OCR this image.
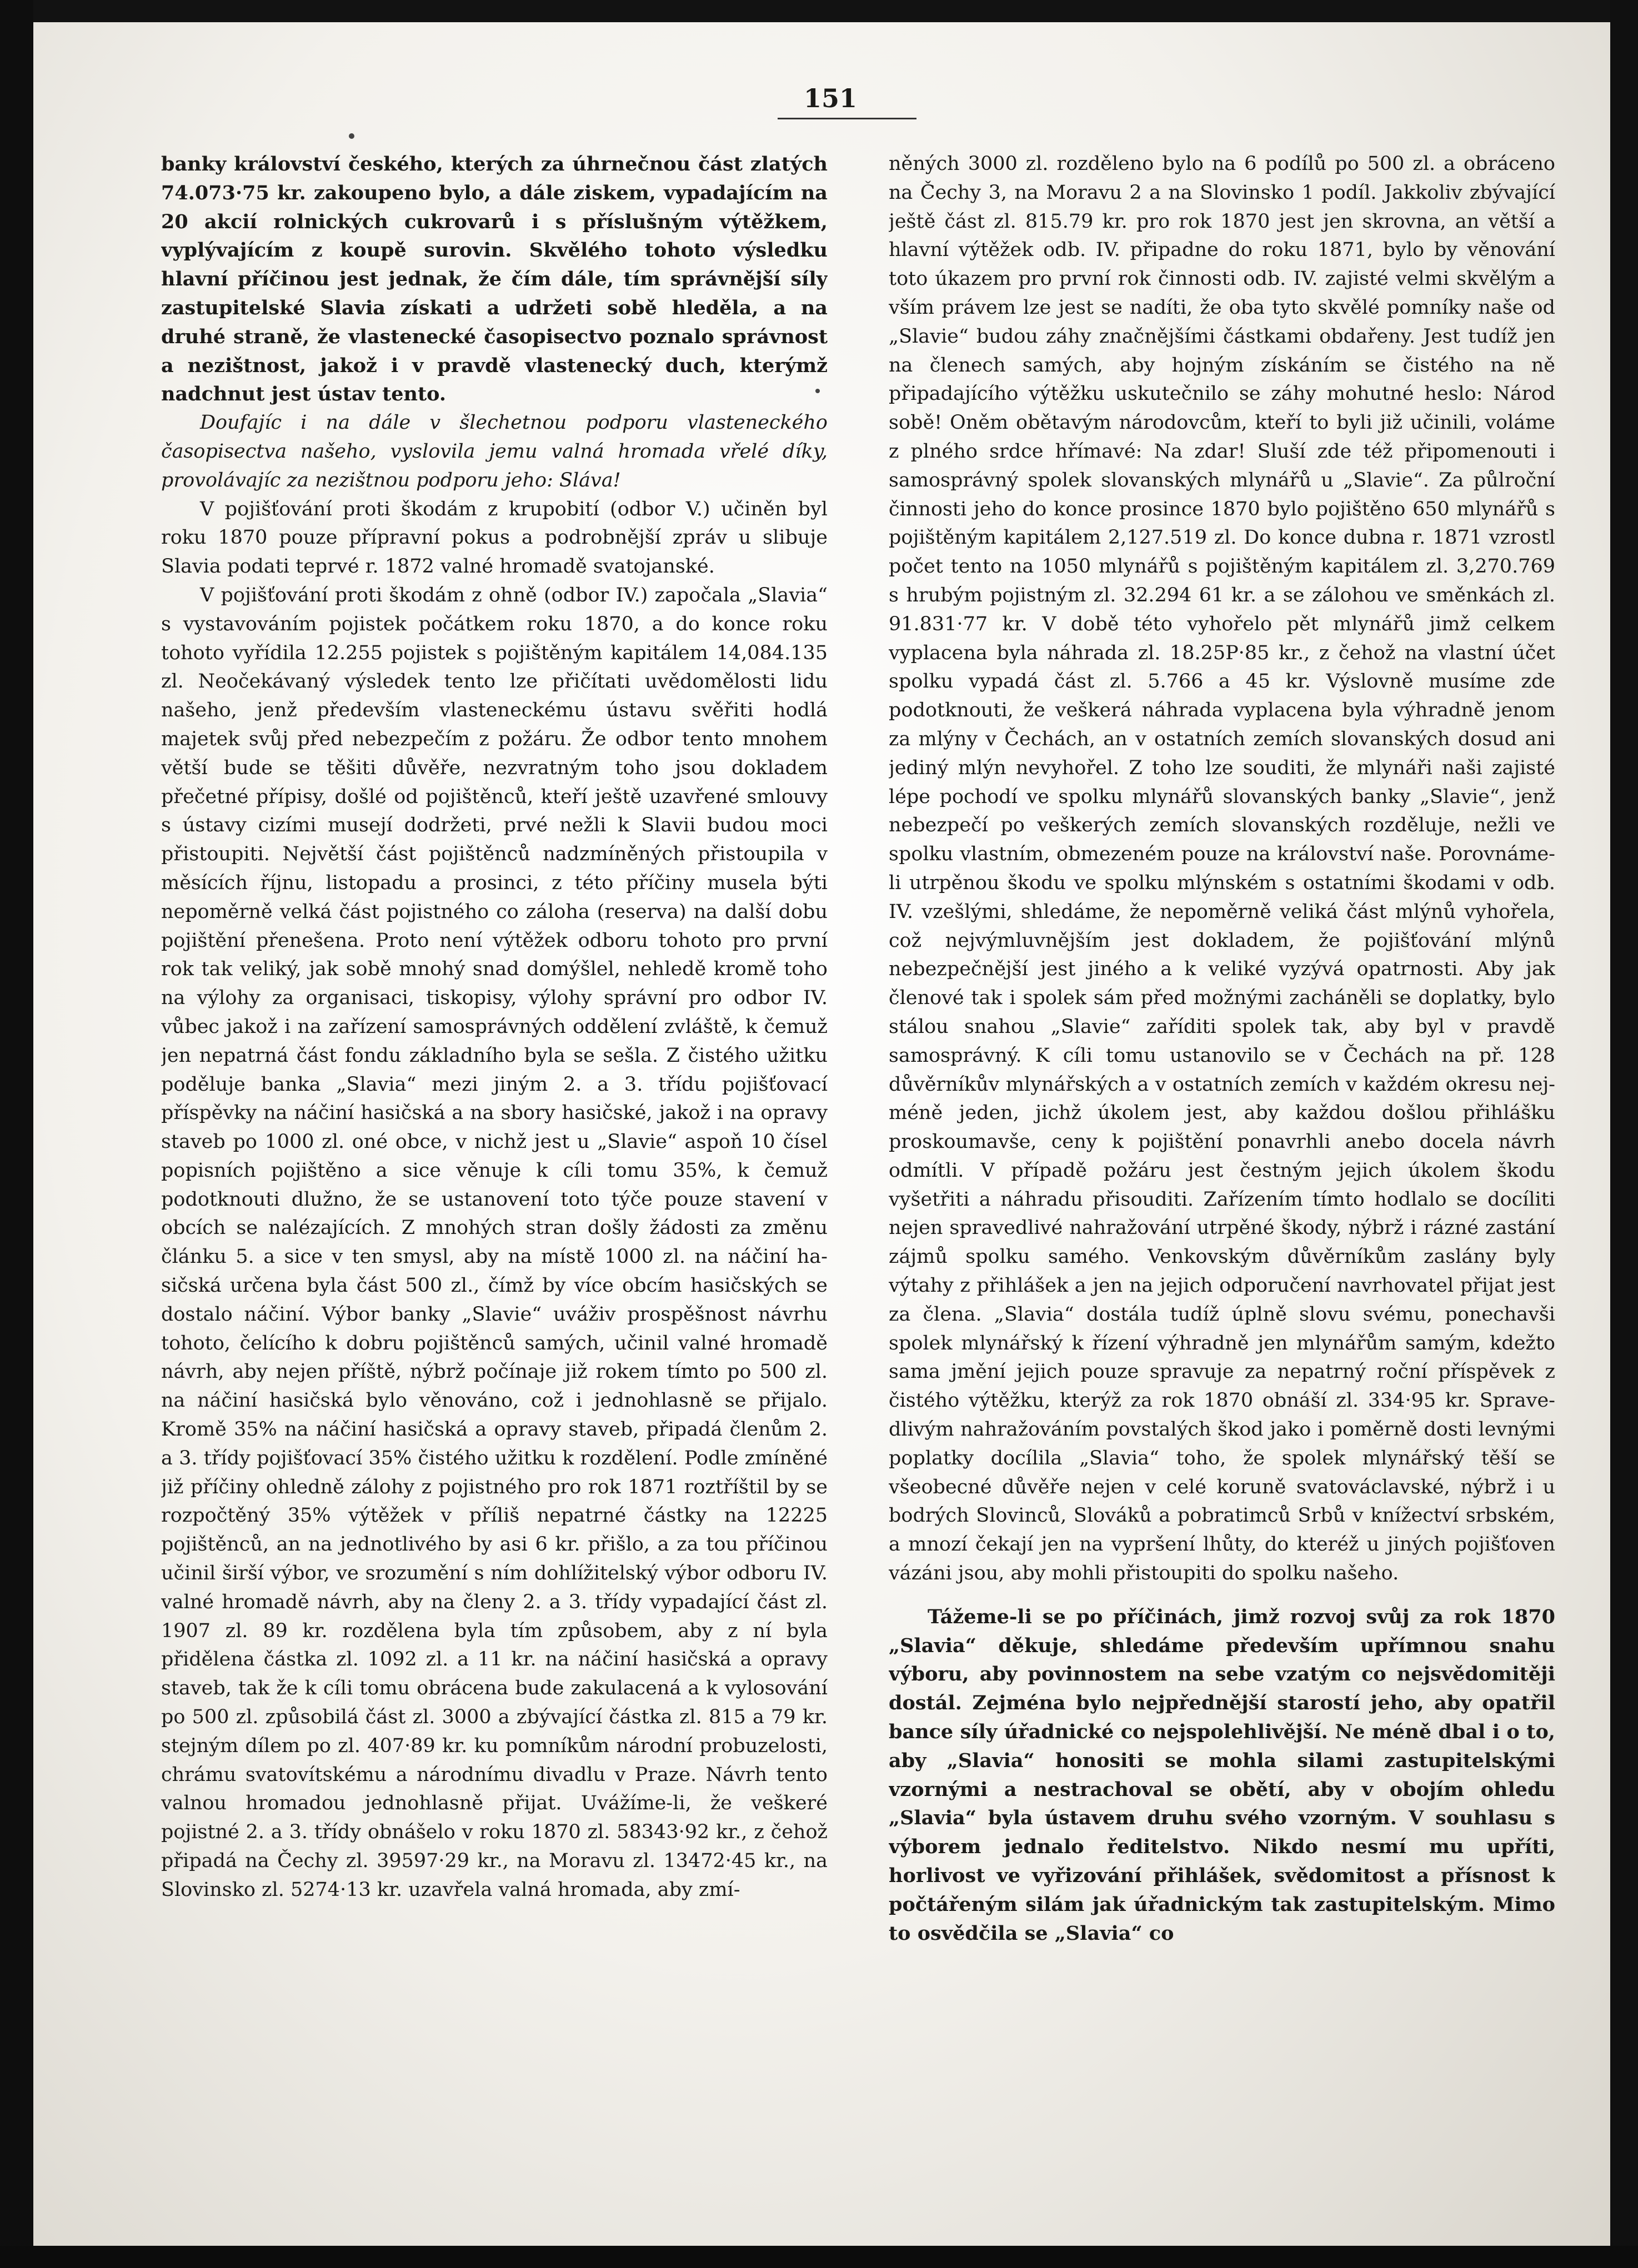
151

banky království českého, kterých za úhrnečnou část zlatých 74.073·75 kr. zakoupeno bylo, a dále ziskem, vypadajícím na 20 akcií rolnických cukrovarů i s příslušným výtěžkem, vyplývajícím z koupě surovin. Skvělého tohoto výsledku hlavní příčinou jest jednak, že čím dále, tím správnější síly zastupitelské Slavia získati a udržeti sobě hleděla, a na druhé straně, že vlastenecké časopisectvo poznalo správnost a nezištnost, jakož i v pravdě vlastenecký duch, kterýmž nadchnut jest ústav tento.

Doufajíc i na dále v šlechetnou podporu vlasteneckého časopisectva našeho, vyslovila jemu valná hromada vřelé díky, provolávajíc za nezištnou podporu jeho: Sláva!

V pojišťování proti škodám z krupobití (odbor V.) učiněn byl roku 1870 pouze přípravní pokus a podrobnější zpráv u slibuje Slavia podati teprvé r. 1872 valné hromadě svatojanské.

V pojišťování proti škodám z ohně (odbor IV.) započala „Slavia“ s vystavováním pojistek počátkem roku 1870, a do konce roku tohoto vyřídila 12.255 pojistek s pojištěným kapitálem 14,084.135 zl. Neočekávaný výsledek tento lze přičítati uvědomělosti lidu našeho, jenž především vlasteneckému ústavu svěřiti hodlá majetek svůj před nebezpečím z požáru. Že odbor tento mnohem větší bude se těšiti důvěře, nezvratným toho jsou dokladem přečetné přípisy, došlé od pojištěnců, kteří ještě uzavřené smlouvy s ústavy cizími musejí dodržeti, prvé nežli k Slavii budou moci přistoupiti. Největší část pojištěnců nadzmíněných přistoupila v měsících říjnu, listopadu a prosinci, z této příčiny musela býti nepoměrně velká část pojistného co záloha (reserva) na další dobu pojištění přenešena. Proto není výtěžek odboru tohoto pro první rok tak veliký, jak sobě mnohý snad domýšlel, nehledě kromě toho na výlohy za organisaci, tiskopisy, výlohy správní pro odbor IV. vůbec jakož i na zařízení samosprávných oddělení zvláště, k čemuž jen nepatrná část fondu základního byla se sešla. Z čistého užitku poděluje banka „Slavia“ mezi jiným 2. a 3. třídu pojišťovací příspěvky na náčiní hasičská a na sbory hasičské, jakož i na opravy staveb po 1000 zl. oné obce, v nichž jest u „Slavie“ aspoň 10 čísel popisních pojištěno a sice věnuje k cíli tomu 35%, k čemuž podotknouti dlužno, že se ustanovení toto týče pouze stavení v obcích se nalézajících. Z mnohých stran došly žádosti za změnu článku 5. a sice v ten smysl, aby na místě 1000 zl. na náčiní hasičská určena byla část 500 zl., čímž by více obcím hasičských se dostalo náčiní. Výbor banky „Slavie“ uváživ prospěšnost návrhu tohoto, čelícího k dobru pojištěnců samých, učinil valné hromadě návrh, aby nejen příště, nýbrž počínaje již rokem tímto po 500 zl. na náčiní hasičská bylo věnováno, což i jednohlasně se přijalo. Kromě 35% na náčiní hasičská a opravy staveb, připadá členům 2. a 3. třídy pojišťovací 35% čistého užitku k rozdělení. Podle zmíněné již příčiny ohledně zálohy z pojistného pro rok 1871 roztříštil by se rozpočtěný 35% výtěžek v příliš nepatrné částky na 12225 pojištěnců, an na jednotlivého by asi 6 kr. přišlo, a za tou příčinou učinil širší výbor, ve srozumění s ním dohlížitelský výbor odboru IV. valné hromadě návrh, aby na členy 2. a 3. třídy vypadající část zl. 1907 zl. 89 kr. rozdělena byla tím způsobem, aby z ní byla přidělena částka zl. 1092 zl. a 11 kr. na náčiní hasičská a opravy staveb, tak že k cíli tomu obrácena bude zakulacená a k vylosování po 500 zl. způsobilá část zl. 3000 a zbývající částka zl. 815 a 79 kr. stejným dílem po zl. 407·89 kr. ku pomníkům národní probuzelosti, chrámu svatovítskému a národnímu divadlu v Praze. Návrh tento valnou hromadou jednohlasně přijat. Uvážíme-li, že veškeré pojistné 2. a 3. třídy obnášelo v roku 1870 zl. 58343·92 kr., z čehož připadá na Čechy zl. 39597·29 kr., na Moravu zl. 13472·45 kr., na Slovinsko zl. 5274·13 kr. uzavřela valná hromada, aby zmí-

něných 3000 zl. rozděleno bylo na 6 podílů po 500 zl. a obráceno na Čechy 3, na Moravu 2 a na Slovinsko 1 podíl. Jakkoliv zbývající ještě část zl. 815.79 kr. pro rok 1870 jest jen skrovna, an větší a hlavní výtěžek odb. IV. připadne do roku 1871, bylo by věnování toto úkazem pro první rok činnosti odb. IV. zajisté velmi skvělým a vším právem lze jest se nadíti, že oba tyto skvělé pomníky naše od „Slavie“ budou záhy značnějšími částkami obdařeny. Jest tudíž jen na členech samých, aby hojným získáním se čistého na ně připadajícího výtěžku uskutečnilo se záhy mohutné heslo: Národ sobě! Oněm obětavým národovcům, kteří to byli již učinili, voláme z plného srdce hřímavé: Na zdar! Sluší zde též připomenouti i samosprávný spolek slovanských mlynářů u „Slavie“. Za půlroční činnosti jeho do konce prosince 1870 bylo pojištěno 650 mlynářů s pojištěným kapitálem 2,127.519 zl. Do konce dubna r. 1871 vzrostl počet tento na 1050 mlynářů s pojištěným kapitálem zl. 3,270.769 s hrubým pojistným zl. 32.294 61 kr. a se zálohou ve směnkách zl. 91.831·77 kr. V době této vyhořelo pět mlynářů jimž celkem vyplacena byla náhrada zl. 18.25P·85 kr., z čehož na vlastní účet spolku vypadá část zl. 5.766 a 45 kr. Výslovně musíme zde podotknouti, že veškerá náhrada vyplacena byla výhradně jenom za mlýny v Čechách, an v ostatních zemích slovanských dosud ani jediný mlýn nevyhořel. Z toho lze souditi, že mlynáři naši zajisté lépe pochodí ve spolku mlynářů slovanských banky „Slavie“, jenž nebezpečí po veškerých zemích slovanských rozděluje, nežli ve spolku vlastním, obmezeném pouze na království naše. Porovnáme-li utrpěnou škodu ve spolku mlýnském s ostatními škodami v odb. IV. vzešlými, shledáme, že nepoměrně veliká část mlýnů vyhořela, což nejvýmluvnějším jest dokladem, že pojišťování mlýnů nebezpečnější jest jiného a k veliké vyzývá opatrnosti. Aby jak členové tak i spolek sám před možnými zacháněli se doplatky, bylo stálou snahou „Slavie“ zaříditi spolek tak, aby byl v pravdě samosprávný. K cíli tomu ustanovilo se v Čechách na př. 128 důvěrníkův mlynářských a v ostatních zemích v každém okresu nejméně jeden, jichž úkolem jest, aby každou došlou přihlášku proskoumavše, ceny k pojištění ponavrhli anebo docela návrh odmítli. V případě požáru jest čestným jejich úkolem škodu vyšetřiti a náhradu přisouditi. Zařízením tímto hodlalo se docíliti nejen spravedlivé nahražování utrpěné škody, nýbrž i rázné zastání zájmů spolku samého. Venkovským důvěrníkům zaslány byly výtahy z přihlášek a jen na jejich odporučení navrhovatel přijat jest za člena. „Slavia“ dostála tudíž úplně slovu svému, ponechavši spolek mlynářský k řízení výhradně jen mlynářům samým, kdežto sama jmění jejich pouze spravuje za nepatrný roční příspěvek z čistého výtěžku, kterýž za rok 1870 obnáší zl. 334·95 kr. Spravedlivým nahražováním povstalých škod jako i poměrně dosti levnými poplatky docílila „Slavia“ toho, že spolek mlynářský těší se všeobecné důvěře nejen v celé koruně svatováclavské, nýbrž i u bodrých Slovinců, Slováků a pobratimců Srbů v knížectví srbském, a mnozí čekají jen na vypršení lhůty, do kteréž u jiných pojišťoven vázáni jsou, aby mohli přistoupiti do spolku našeho.

Tážeme-li se po příčinách, jimž rozvoj svůj za rok 1870 „Slavia“ děkuje, shledáme především upřímnou snahu výboru, aby povinnostem na sebe vzatým co nejsvědomitěji dostál. Zejména bylo nejpřednější starostí jeho, aby opatřil bance síly úřadnické co nejspolehlivější. Ne méně dbal i o to, aby „Slavia“ honositi se mohla silami zastupitelskými vzornými a nestrachoval se obětí, aby v obojím ohledu „Slavia“ byla ústavem druhu svého vzorným. V souhlasu s výborem jednalo ředitelstvo. Nikdo nesmí mu upříti, horlivost ve vyřizování přihlášek, svědomitost a přísnost k počtářeným silám jak úřadnickým tak zastupitelským. Mimo to osvědčila se „Slavia“ co
